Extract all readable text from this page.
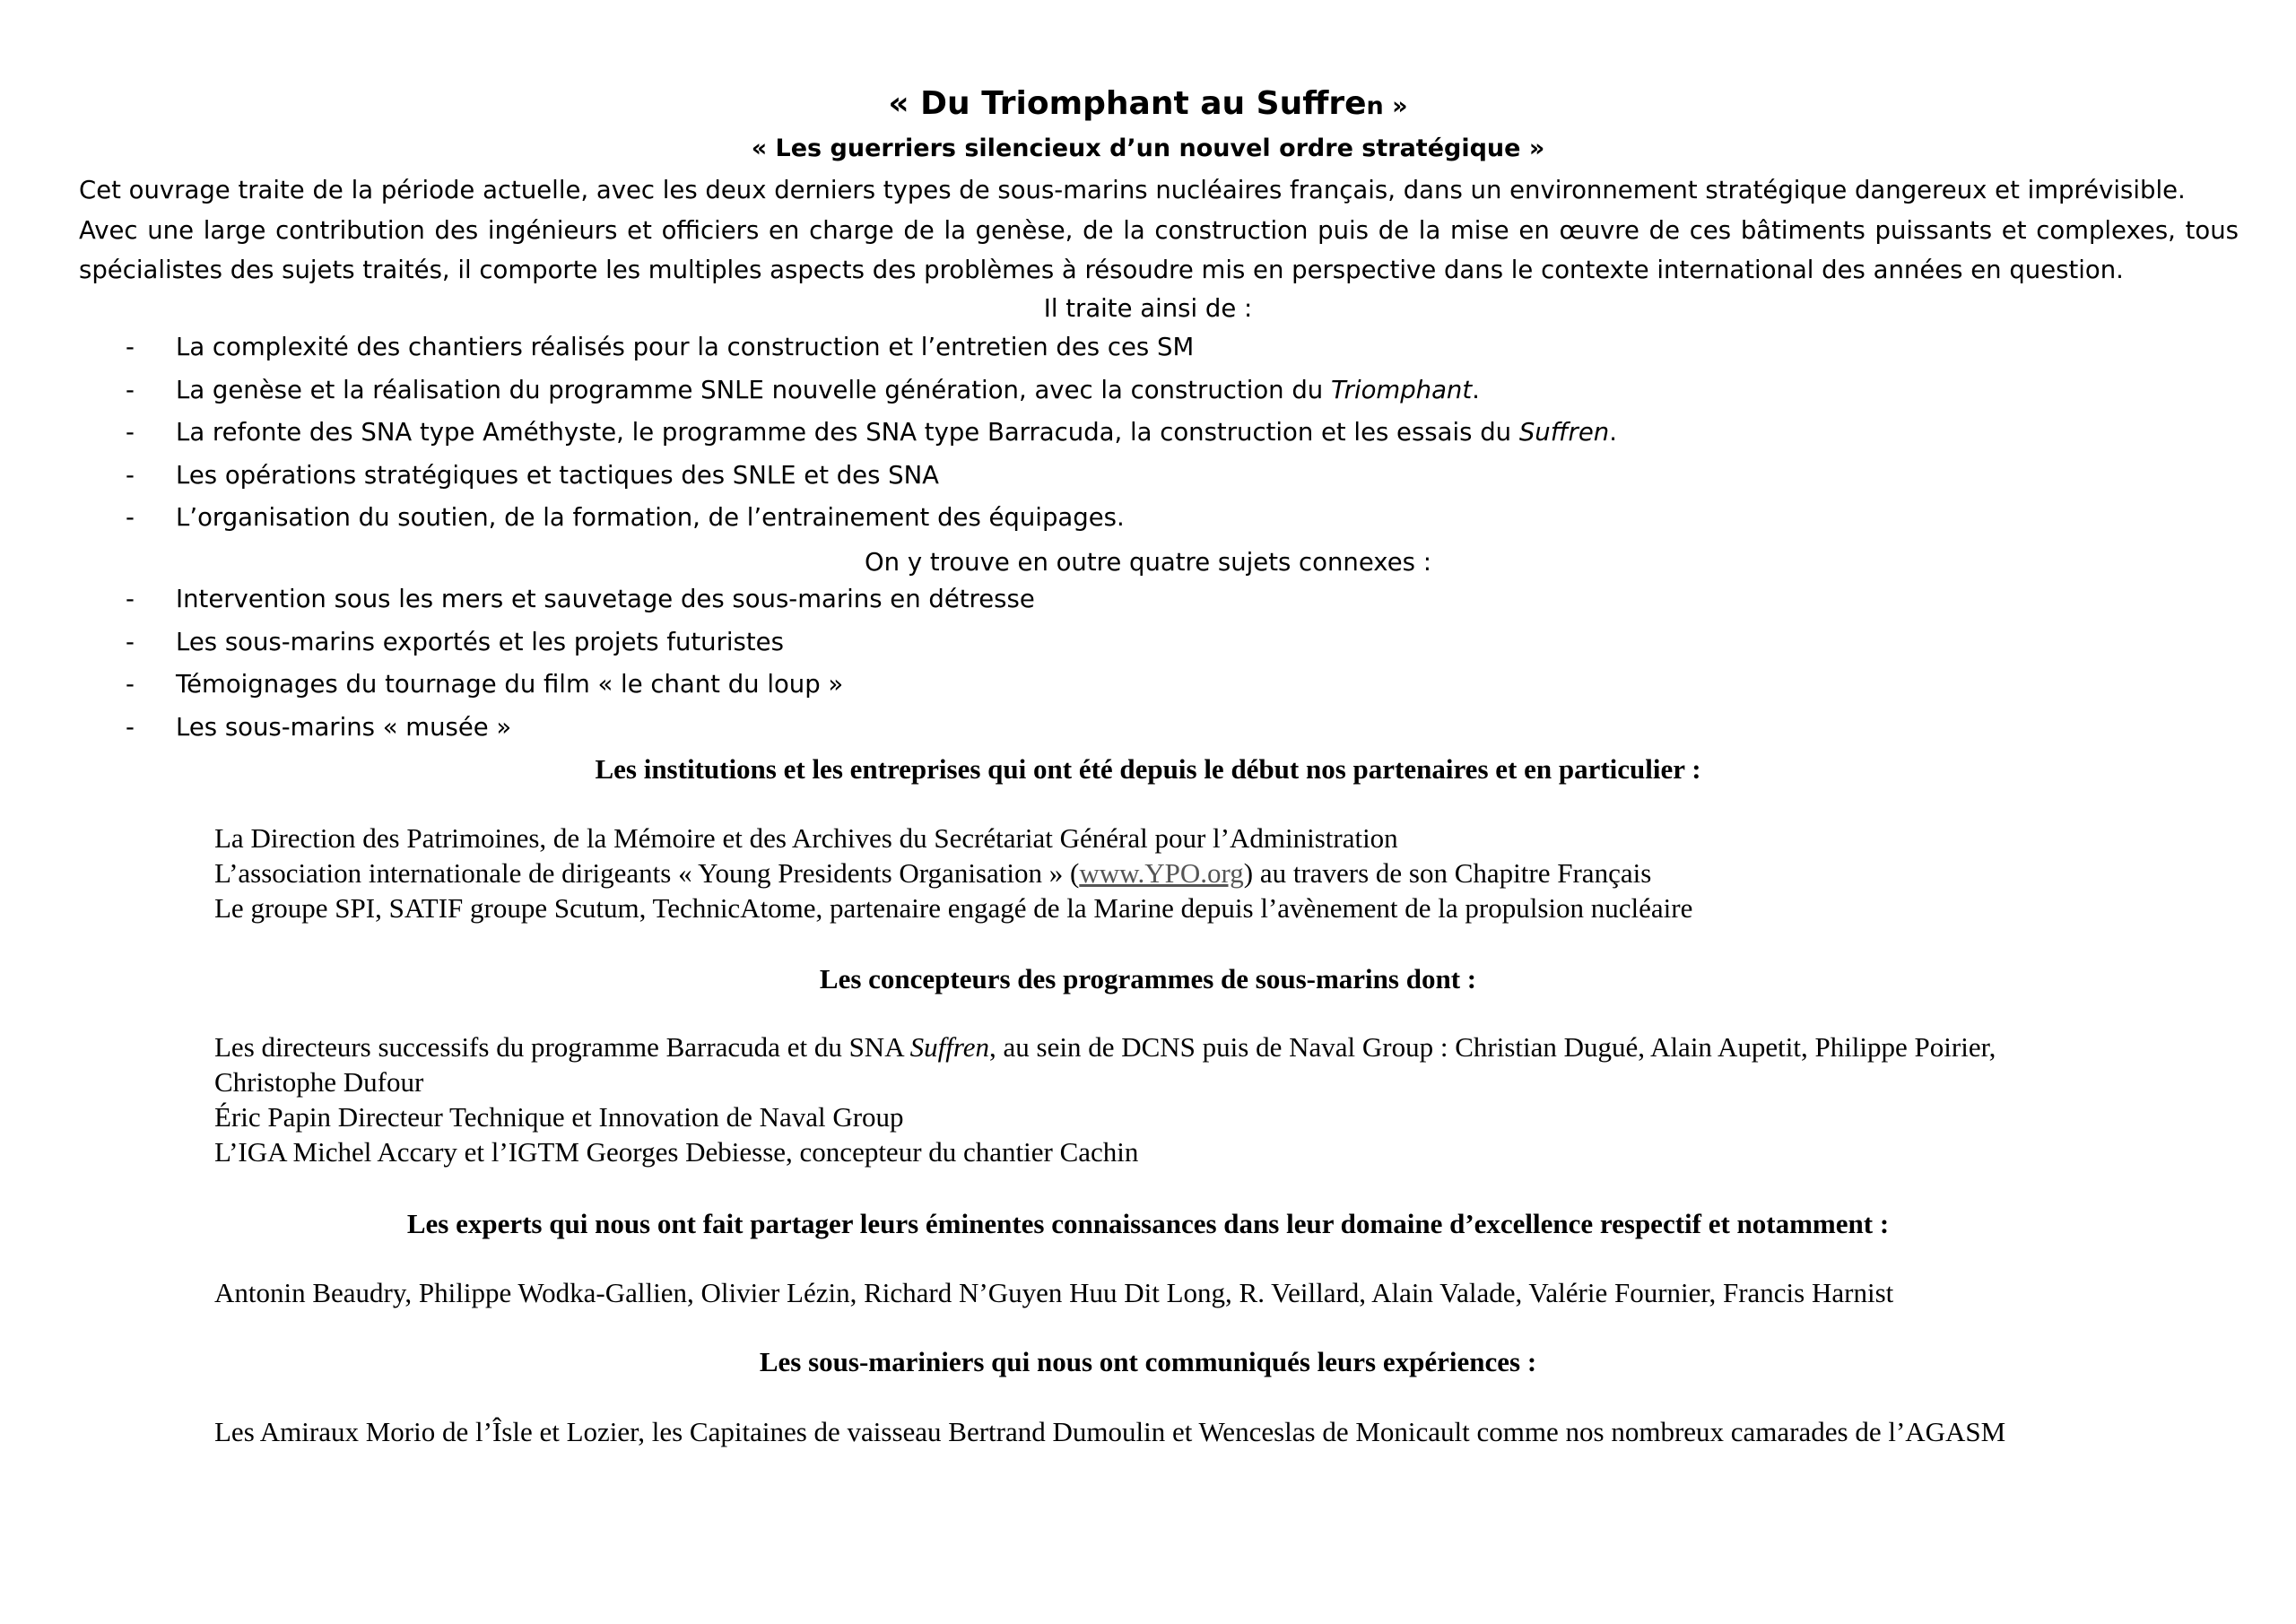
« Du Triomphant au Suffren »
« Les guerriers silencieux d’un nouvel ordre stratégique »

Cet ouvrage traite de la période actuelle, avec les deux derniers types de sous-marins nucléaires français, dans un environnement stratégique dangereux et imprévisible.

Avec une large contribution des ingénieurs et officiers en charge de la genèse, de la construction puis de la mise en œuvre de ces bâtiments puissants et complexes, tous spécialistes des sujets traités, il comporte les multiples aspects des problèmes à résoudre mis en perspective dans le contexte international des années en question.

Il traite ainsi de :
-	La complexité des chantiers réalisés pour la construction et l’entretien des ces SM
-	La genèse et la réalisation du programme SNLE nouvelle génération, avec la construction du Triomphant.
-	La refonte des SNA type Améthyste, le programme des SNA type Barracuda, la construction et les essais du Suffren.
-	Les opérations stratégiques et tactiques des SNLE et des SNA
-	L’organisation du soutien, de la formation, de l’entrainement des équipages.
On y trouve en outre quatre sujets connexes :
-	Intervention sous les mers et sauvetage des sous-marins en détresse
-	Les sous-marins exportés et les projets futuristes
-	Témoignages du tournage du film « le chant du loup »
-	Les sous-marins « musée »
Les institutions et les entreprises qui ont été depuis le début nos partenaires et en particulier :
La Direction des Patrimoines, de la Mémoire et des Archives du Secrétariat Général pour l’Administration
L’association internationale de dirigeants « Young Presidents Organisation » (www.YPO.org) au travers de son Chapitre Français
Le groupe SPI, SATIF groupe Scutum, TechnicAtome, partenaire engagé de la Marine depuis l’avènement de la propulsion nucléaire
Les concepteurs des programmes de sous-marins dont :
Les directeurs successifs du programme Barracuda et du SNA Suffren, au sein de DCNS puis de Naval Group : Christian Dugué, Alain Aupetit, Philippe Poirier,
Christophe Dufour
Éric Papin Directeur Technique et Innovation de Naval Group
L’IGA Michel Accary et l’IGTM Georges Debiesse, concepteur du chantier Cachin
Les experts qui nous ont fait partager leurs éminentes connaissances dans leur domaine d’excellence respectif et notamment :
Antonin Beaudry, Philippe Wodka-Gallien, Olivier Lézin, Richard N’Guyen Huu Dit Long, R. Veillard, Alain Valade, Valérie Fournier, Francis Harnist
Les sous-mariniers qui nous ont communiqués leurs expériences :
Les Amiraux Morio de l’Îsle et Lozier, les Capitaines de vaisseau Bertrand Dumoulin et Wenceslas de Monicault comme nos nombreux camarades de l’AGASM
